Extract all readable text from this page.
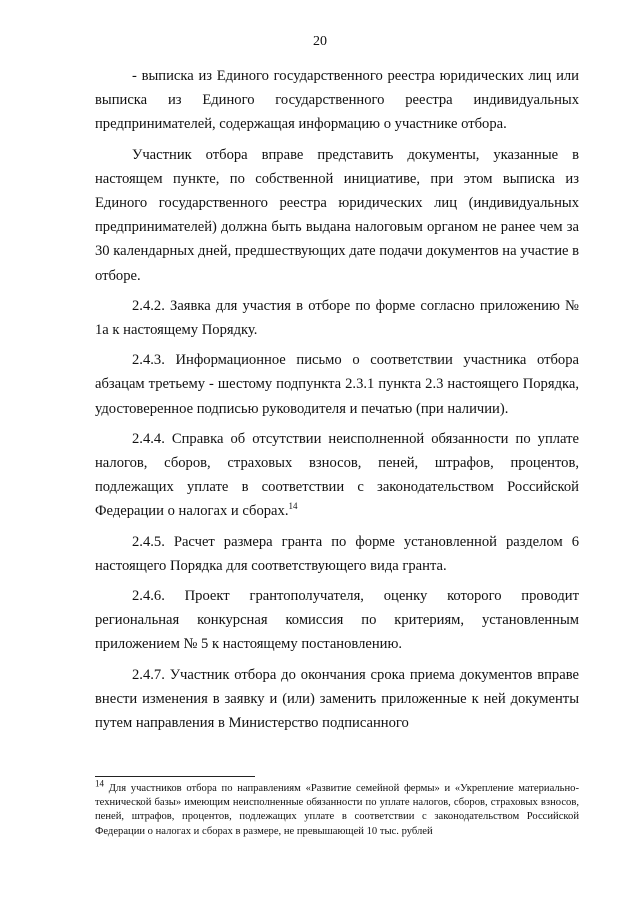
20

- выписка из Единого государственного реестра юридических лиц или выписка из Единого государственного реестра индивидуальных предпринимателей, содержащая информацию о участнике отбора.

Участник отбора вправе представить документы, указанные в настоящем пункте, по собственной инициативе, при этом выписка из Единого государственного реестра юридических лиц (индивидуальных предпринимателей) должна быть выдана налоговым органом не ранее чем за 30 календарных дней, предшествующих дате подачи документов на участие в отборе.

2.4.2. Заявка для участия в отборе по форме согласно приложению № 1а к настоящему Порядку.

2.4.3. Информационное письмо о соответствии участника отбора абзацам третьему - шестому подпункта 2.3.1 пункта 2.3 настоящего Порядка, удостоверенное подписью руководителя и печатью (при наличии).

2.4.4. Справка об отсутствии неисполненной обязанности по уплате налогов, сборов, страховых взносов, пеней, штрафов, процентов, подлежащих уплате в соответствии с законодательством Российской Федерации о налогах и сборах.$^{14}$

2.4.5. Расчет размера гранта по форме установленной разделом 6 настоящего Порядка для соответствующего вида гранта.

2.4.6. Проект грантополучателя, оценку которого проводит региональная конкурсная комиссия по критериям, установленным приложением № 5 к настоящему постановлению.

2.4.7. Участник отбора до окончания срока приема документов вправе внести изменения в заявку и (или) заменить приложенные к ней документы путем направления в Министерство подписанного

$^{14}$ Для участников отбора по направлениям «Развитие семейной фермы» и «Укрепление материально-технической базы» имеющим неисполненные обязанности по уплате налогов, сборов, страховых взносов, пеней, штрафов, процентов, подлежащих уплате в соответствии с законодательством Российской Федерации о налогах и сборах в размере, не превышающей 10 тыс. рублей
